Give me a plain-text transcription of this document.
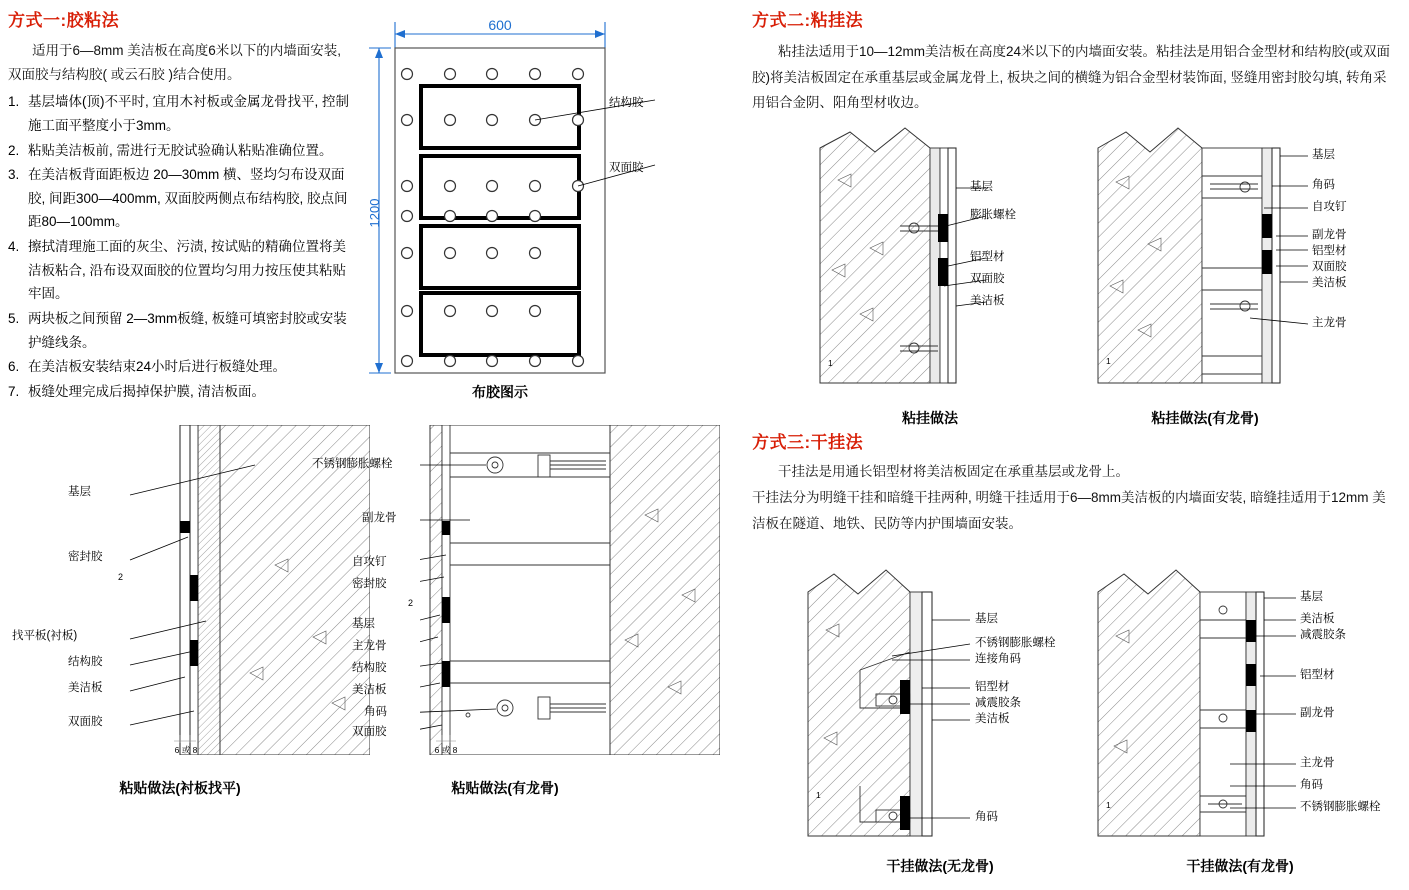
方式一:胶粘法
适用于6—8mm 美洁板在高度6米以下的内墙面安装, 双面胶与结构胶( 或云石胶 )结合使用。
1. 基层墙体(顶)不平时, 宜用木衬板或金属龙骨找平, 控制施工面平整度小于3mm。
2. 粘贴美洁板前, 需进行无胶试验确认粘贴准确位置。
3. 在美洁板背面距板边 20—30mm 横、竖均匀布设双面胶, 间距300—400mm, 双面胶两侧点布结构胶, 胶点间距80—100mm。
4. 擦拭清理施工面的灰尘、污渍, 按试贴的精确位置将美洁板粘合, 沿布设双面胶的位置均匀用力按压使其粘贴牢固。
5. 两块板之间预留 2—3mm板缝, 板缝可填密封胶或安装护缝线条。
6. 在美洁板安装结束24小时后进行板缝处理。
7. 板缝处理完成后揭掉保护膜, 清洁板面。
600
1200
结构胶
双面胶
布胶图示
6 或 8
基层
密封胶
2
找平板(衬板)
结构胶
美洁板
双面胶
粘贴做法(衬板找平)
6 或 8
不锈钢膨胀螺栓
副龙骨
自攻钉
密封胶
2
基层
主龙骨
结构胶
美洁板
角码
双面胶
粘贴做法(有龙骨)
方式二:粘挂法
粘挂法适用于10—12mm美洁板在高度24米以下的内墙面安装。粘挂法是用铝合金型材和结构胶(或双面胶)将美洁板固定在承重基层或金属龙骨上, 板块之间的横缝为铝合金型材装饰面, 竖缝用密封胶勾填, 转角采用铝合金阴、阳角型材收边。
1
基层
膨胀螺栓
铝型材
双面胶
美洁板
粘挂做法
1
基层
角码
自攻钉
副龙骨
铝型材
双面胶
美洁板
主龙骨
粘挂做法(有龙骨)
方式三:干挂法
干挂法是用通长铝型材将美洁板固定在承重基层或龙骨上。
干挂法分为明缝干挂和暗缝干挂两种, 明缝干挂适用于6—8mm美洁板的内墙面安装, 暗缝挂适用于12mm 美洁板在隧道、地铁、民防等内护围墙面安装。
1
基层
不锈钢膨胀螺栓
连接角码
铝型材
减震胶条
美洁板
角码
干挂做法(无龙骨)
1
基层
美洁板
减震胶条
铝型材
副龙骨
主龙骨
角码
不锈钢膨胀螺栓
干挂做法(有龙骨)
